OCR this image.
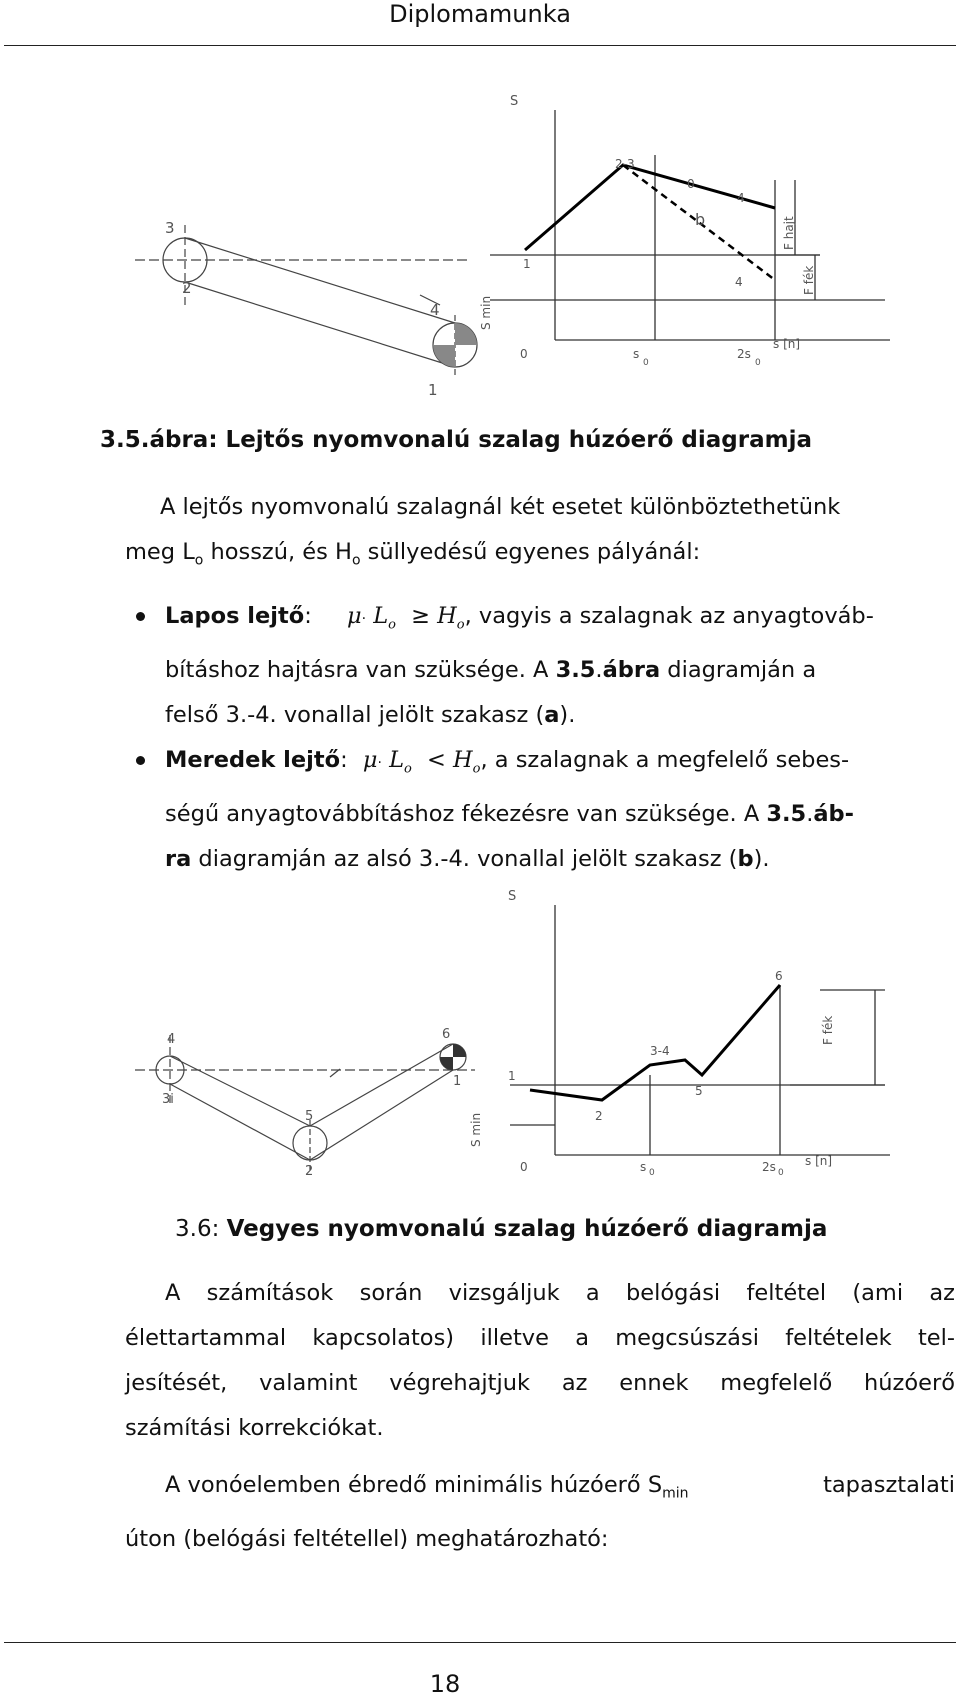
Diplomamunka
3
2
4
1
S
2-3
0
4
b
1
4
S min
F hajt
F fék
0	s
0
2s
0
s [n]
3.5.ábra: Lejtős nyomvonalú szalag húzóerő diagramja
A lejtős nyomvonalú szalagnál két esetet különböztethetünk
meg $L_o$ hosszú, és $H_o$ süllyedésű egyenes pályánál:
Lapos lejtő: $\mu\cdot L_o \ge H_o$, vagyis a szalagnak az anyagtováb-
bításhoz hajtásra van szüksége. A 3.5.ábra diagramján a
felső 3.-4. vonallal jelölt szakasz (a).
Meredek lejtő: $\mu\cdot L_o < H_o$, a szalagnak a megfelelő sebes-
ségű anyagtovábbításhoz fékezésre van szüksége. A 3.5.áb-
ra diagramján az alsó 3.-4. vonallal jelölt szakasz (b).
4
3i
5
2
6
1
S
1
2
3-4
5
6
S min
F fék
0	s 0	2s 0
s [n]
3.6: Vegyes nyomvonalú szalag húzóerő diagramja
A számítások során vizsgáljuk a belógási feltétel (ami az
élettartammal kapcsolatos) illetve a megcsúszási feltételek tel-
jesítését, valamint végrehajtjuk az ennek megfelelő húzóerő
számítási korrekciókat.
A vonóelemben ébredő minimális húzóerő $S_{min}$	tapasztalati
úton (belógási feltétellel) meghatározható:
18
